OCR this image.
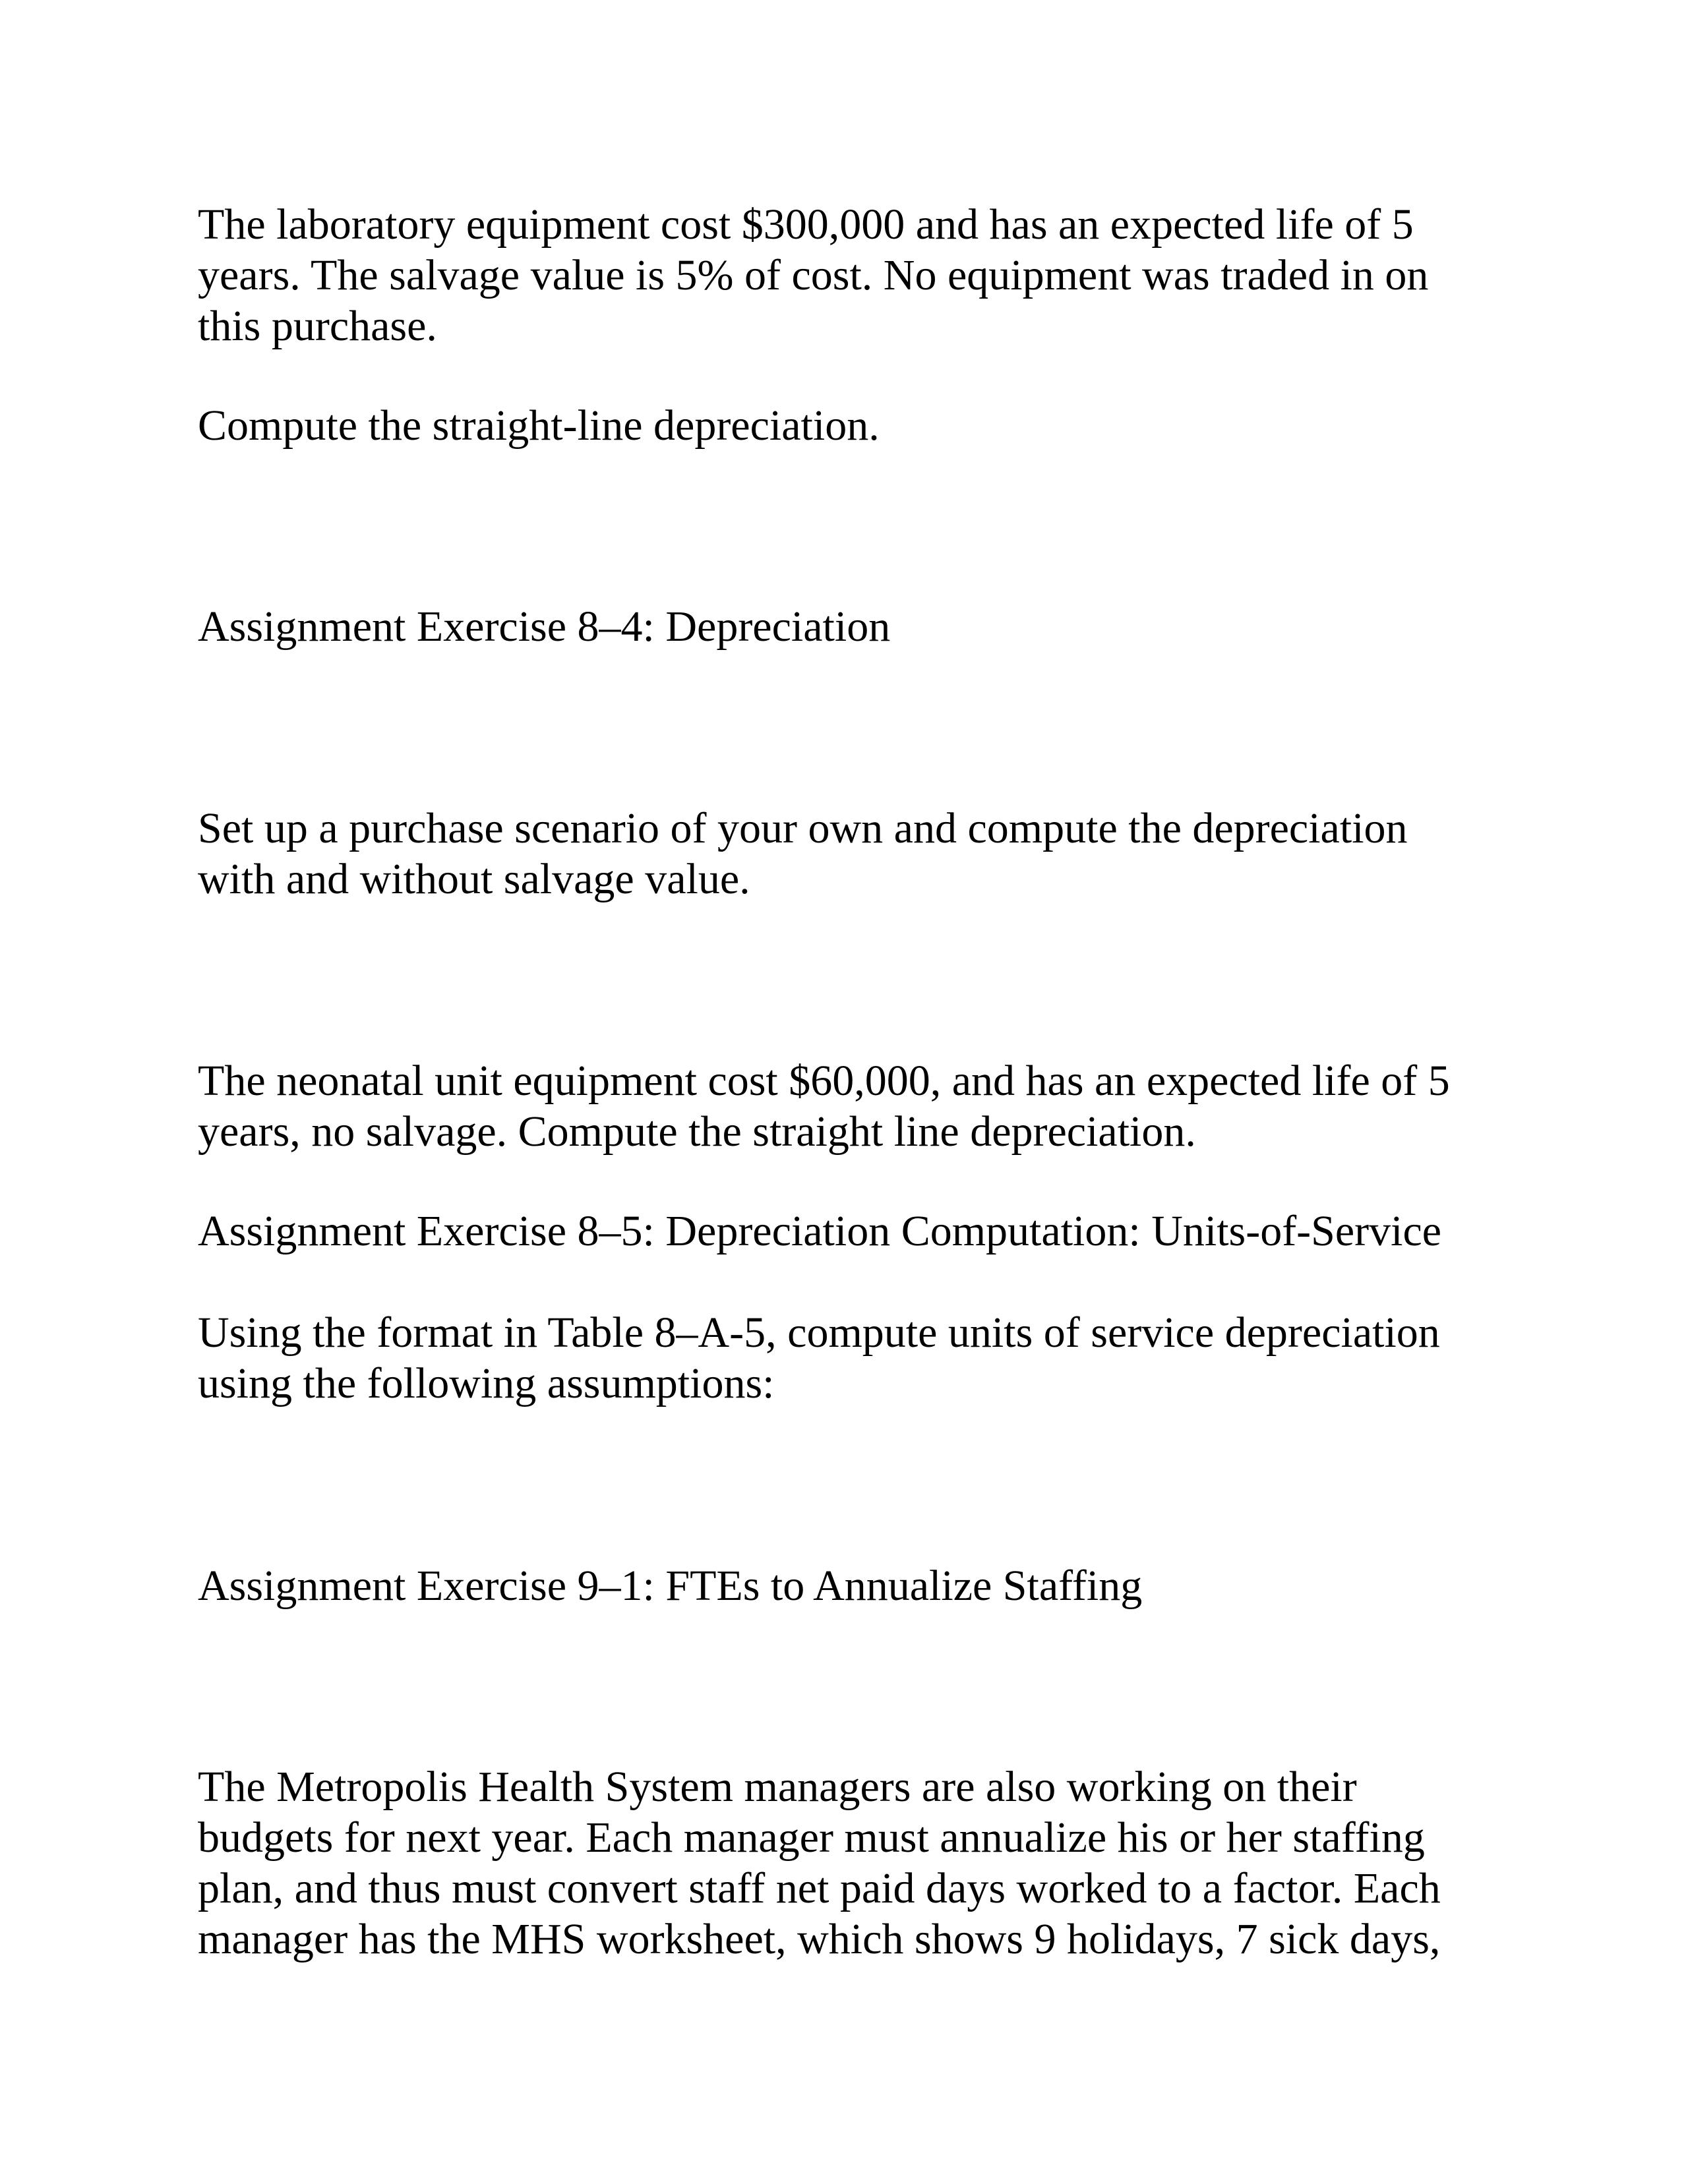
The laboratory equipment cost $300,000 and has an expected life of 5
years. The salvage value is 5% of cost. No equipment was traded in on
this purchase.

Compute the straight-line depreciation.

Assignment Exercise 8–4: Depreciation

Set up a purchase scenario of your own and compute the depreciation
with and without salvage value.

The neonatal unit equipment cost $60,000, and has an expected life of 5
years, no salvage. Compute the straight line depreciation.

Assignment Exercise 8–5: Depreciation Computation: Units-of-Service

Using the format in Table 8–A-5, compute units of service depreciation
using the following assumptions:

Assignment Exercise 9–1: FTEs to Annualize Staffing

The Metropolis Health System managers are also working on their
budgets for next year. Each manager must annualize his or her staffing
plan, and thus must convert staff net paid days worked to a factor. Each
manager has the MHS worksheet, which shows 9 holidays, 7 sick days,
